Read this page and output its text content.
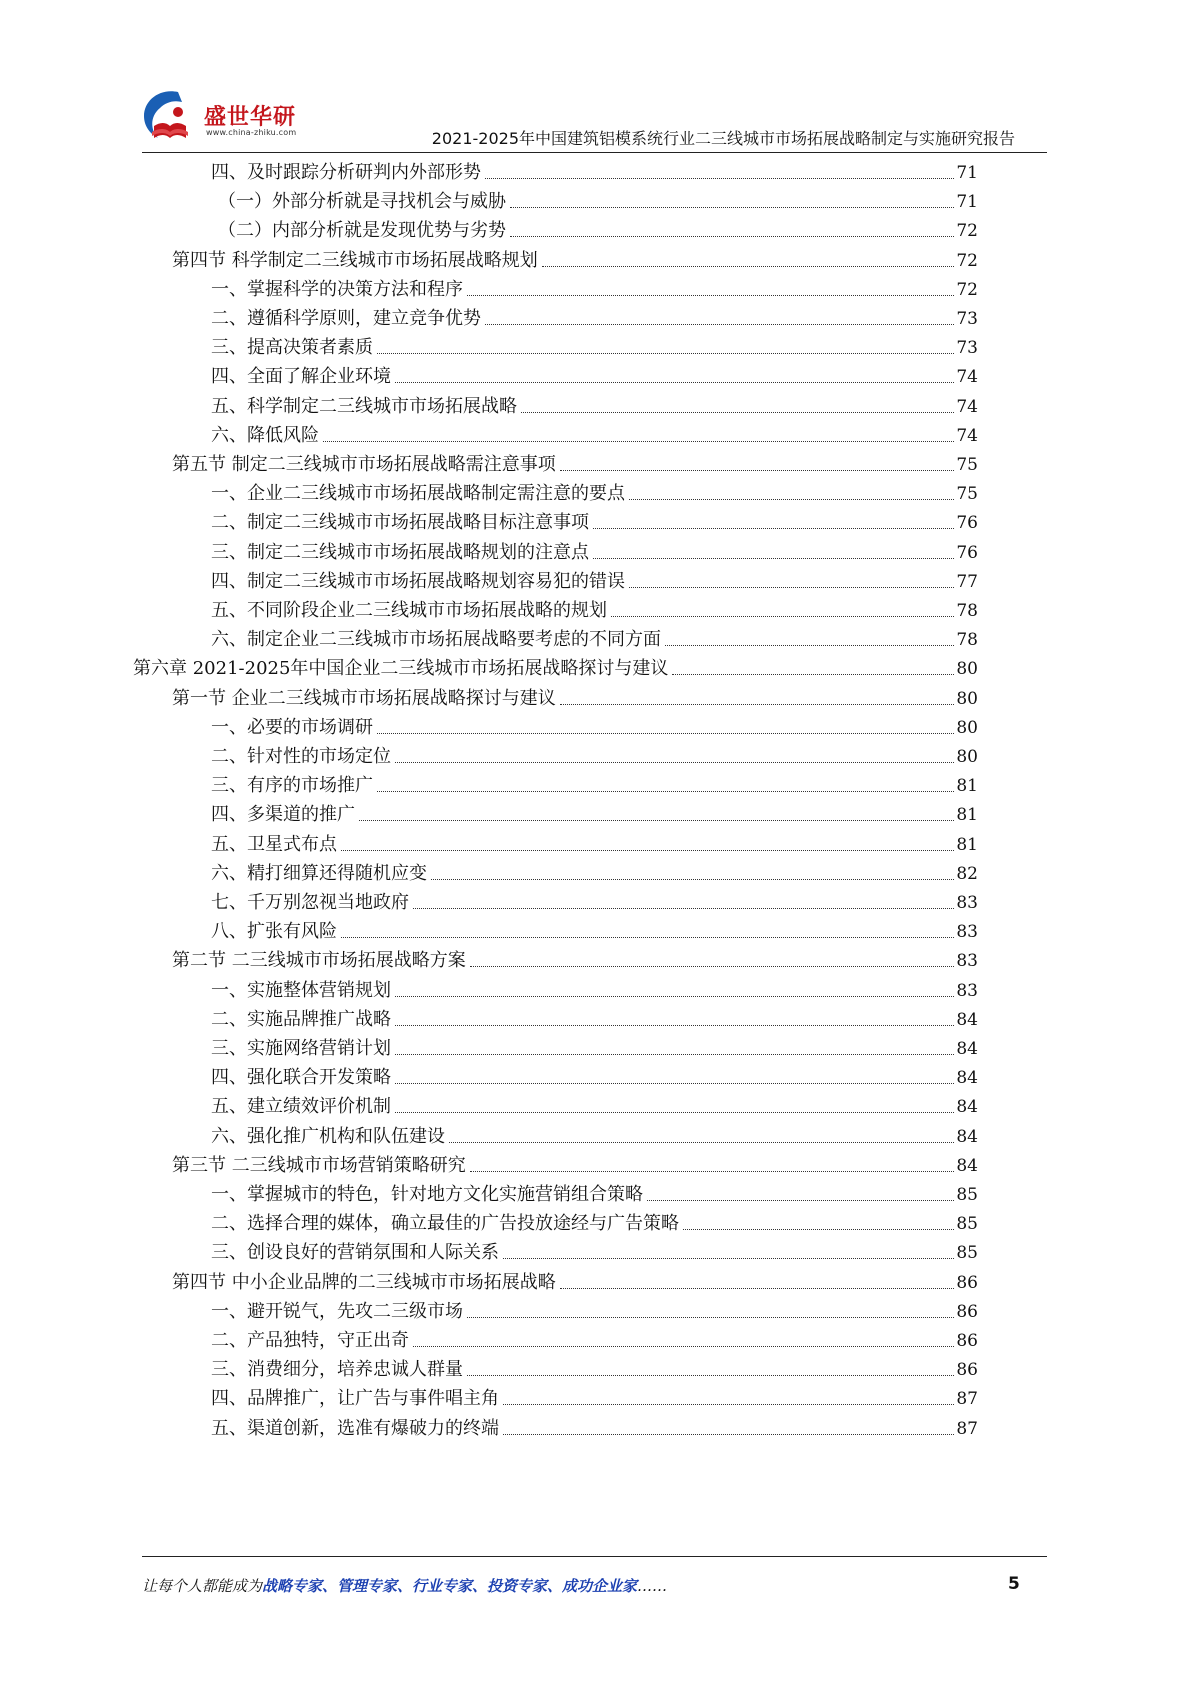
盛世华研
www.china-zhiku.com	2021-2025年中国建筑铝模系统行业二三线城市市场拓展战略制定与实施研究报告
四、及时跟踪分析研判内外部形势	71
（一）外部分析就是寻找机会与威胁	71
（二）内部分析就是发现优势与劣势	72
第四节 科学制定二三线城市市场拓展战略规划	72
一、掌握科学的决策方法和程序	72
二、遵循科学原则，建立竞争优势	73
三、提高决策者素质	73
四、全面了解企业环境	74
五、科学制定二三线城市市场拓展战略	74
六、降低风险	74
第五节 制定二三线城市市场拓展战略需注意事项	75
一、企业二三线城市市场拓展战略制定需注意的要点	75
二、制定二三线城市市场拓展战略目标注意事项	76
三、制定二三线城市市场拓展战略规划的注意点	76
四、制定二三线城市市场拓展战略规划容易犯的错误	77
五、不同阶段企业二三线城市市场拓展战略的规划	78
六、制定企业二三线城市市场拓展战略要考虑的不同方面	78
第六章 2021-2025年中国企业二三线城市市场拓展战略探讨与建议	80
第一节 企业二三线城市市场拓展战略探讨与建议	80
一、必要的市场调研	80
二、针对性的市场定位	80
三、有序的市场推广	81
四、多渠道的推广	81
五、卫星式布点	81
六、精打细算还得随机应变	82
七、千万别忽视当地政府	83
八、扩张有风险	83
第二节 二三线城市市场拓展战略方案	83
一、实施整体营销规划	83
二、实施品牌推广战略	84
三、实施网络营销计划	84
四、强化联合开发策略	84
五、建立绩效评价机制	84
六、强化推广机构和队伍建设	84
第三节 二三线城市市场营销策略研究	84
一、掌握城市的特色，针对地方文化实施营销组合策略	85
二、选择合理的媒体，确立最佳的广告投放途经与广告策略	85
三、创设良好的营销氛围和人际关系	85
第四节 中小企业品牌的二三线城市市场拓展战略	86
一、避开锐气，先攻二三级市场	86
二、产品独特，守正出奇	86
三、消费细分，培养忠诚人群量	86
四、品牌推广，让广告与事件唱主角	87
五、渠道创新，选准有爆破力的终端	87
让每个人都能成为战略专家、管理专家、行业专家、投资专家、成功企业家……	5
